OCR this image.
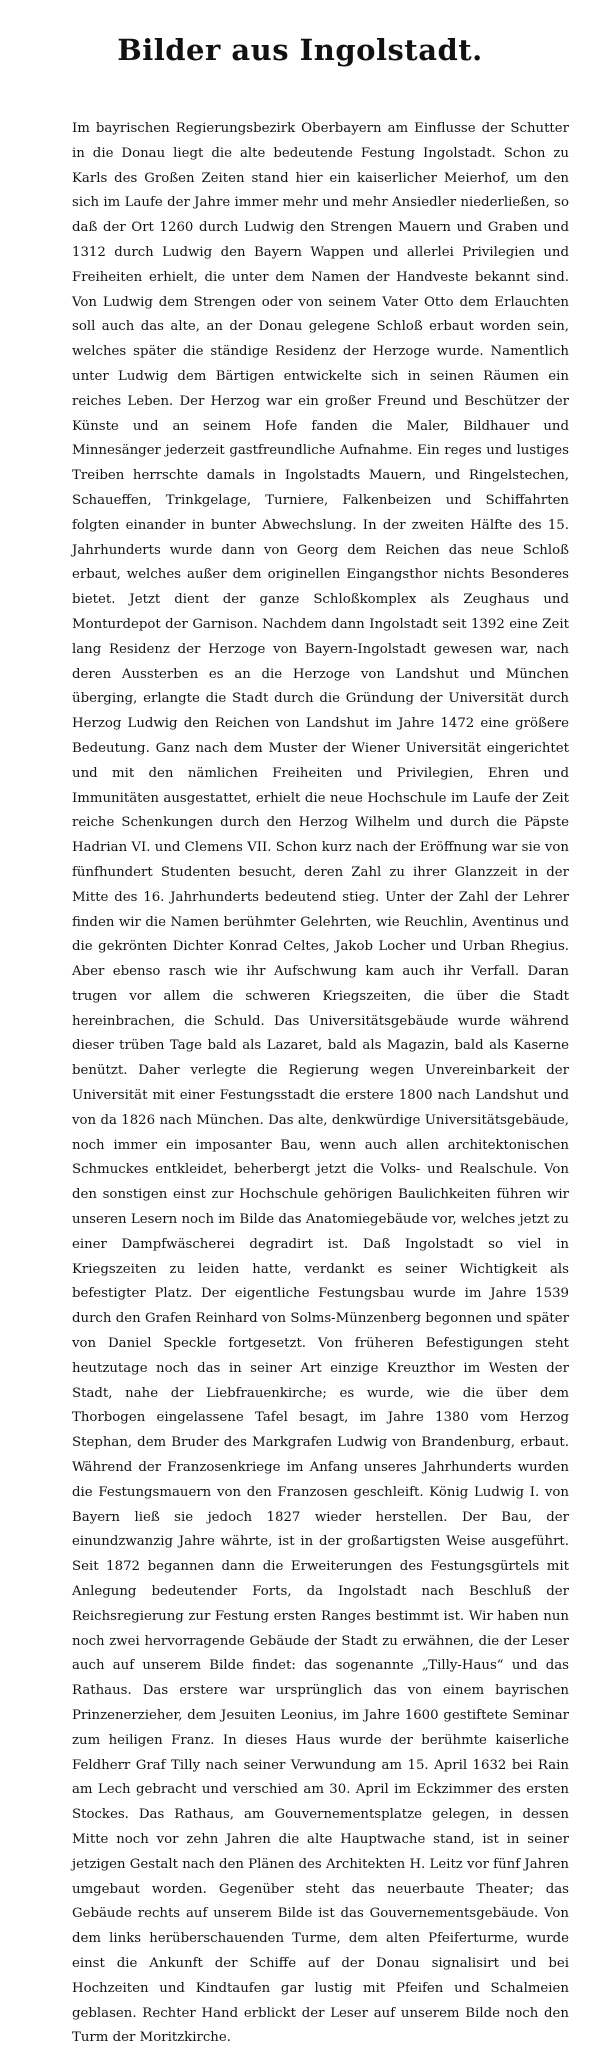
Bilder aus Ingolstadt.

Im bayrischen Regierungsbezirk Oberbayern am Einflusse der Schutter in die Donau liegt die alte bedeutende Festung Ingolstadt. Schon zu Karls des Großen Zeiten stand hier ein kaiserlicher Meierhof, um den sich im Laufe der Jahre immer mehr und mehr Ansiedler niederließen, so daß der Ort 1260 durch Ludwig den Strengen Mauern und Graben und 1312 durch Ludwig den Bayern Wappen und allerlei Privilegien und Freiheiten erhielt, die unter dem Namen der Handveste bekannt sind. Von Ludwig dem Strengen oder von seinem Vater Otto dem Erlauchten soll auch das alte, an der Donau gelegene Schloß erbaut worden sein, welches später die ständige Residenz der Herzoge wurde. Namentlich unter Ludwig dem Bärtigen entwickelte sich in seinen Räumen ein reiches Leben. Der Herzog war ein großer Freund und Beschützer der Künste und an seinem Hofe fanden die Maler, Bildhauer und Minnesänger jederzeit gastfreundliche Aufnahme. Ein reges und lustiges Treiben herrschte damals in Ingolstadts Mauern, und Ringelstechen, Schaueffen, Trinkgelage, Turniere, Falkenbeizen und Schiffahrten folgten einander in bunter Abwechslung. In der zweiten Hälfte des 15. Jahrhunderts wurde dann von Georg dem Reichen das neue Schloß erbaut, welches außer dem originellen Eingangsthor nichts Besonderes bietet. Jetzt dient der ganze Schloßkomplex als Zeughaus und Monturdepot der Garnison. Nachdem dann Ingolstadt seit 1392 eine Zeit lang Residenz der Herzoge von Bayern-Ingolstadt gewesen war, nach deren Aussterben es an die Herzoge von Landshut und München überging, erlangte die Stadt durch die Gründung der Universität durch Herzog Ludwig den Reichen von Landshut im Jahre 1472 eine größere Bedeutung. Ganz nach dem Muster der Wiener Universität eingerichtet und mit den nämlichen Freiheiten und Privilegien, Ehren und Immunitäten ausgestattet, erhielt die neue Hochschule im Laufe der Zeit reiche Schenkungen durch den Herzog Wilhelm und durch die Päpste Hadrian VI. und Clemens VII. Schon kurz nach der Eröffnung war sie von fünfhundert Studenten besucht, deren Zahl zu ihrer Glanzzeit in der Mitte des 16. Jahrhunderts bedeutend stieg. Unter der Zahl der Lehrer finden wir die Namen berühmter Gelehrten, wie Reuchlin, Aventinus und die gekrönten Dichter Konrad Celtes, Jakob Locher und Urban Rhegius. Aber ebenso rasch wie ihr Aufschwung kam auch ihr Verfall. Daran trugen vor allem die schweren Kriegszeiten, die über die Stadt hereinbrachen, die Schuld. Das Universitätsgebäude wurde während dieser trüben Tage bald als Lazaret, bald als Magazin, bald als Kaserne benützt. Daher verlegte die Regierung wegen Unvereinbarkeit der Universität mit einer Festungsstadt die erstere 1800 nach Landshut und von da 1826 nach München. Das alte, denkwürdige Universitätsgebäude, noch immer ein imposanter Bau, wenn auch allen architektonischen Schmuckes entkleidet, beherbergt jetzt die Volks- und Realschule. Von den sonstigen einst zur Hochschule gehörigen Baulichkeiten führen wir unseren Lesern noch im Bilde das Anatomiegebäude vor, welches jetzt zu einer Dampfwäscherei degradirt ist. Daß Ingolstadt so viel in Kriegszeiten zu leiden hatte, verdankt es seiner Wichtigkeit als befestigter Platz. Der eigentliche Festungsbau wurde im Jahre 1539 durch den Grafen Reinhard von Solms-Münzenberg begonnen und später von Daniel Speckle fortgesetzt. Von früheren Befestigungen steht heutzutage noch das in seiner Art einzige Kreuzthor im Westen der Stadt, nahe der Liebfrauenkirche; es wurde, wie die über dem Thorbogen eingelassene Tafel besagt, im Jahre 1380 vom Herzog Stephan, dem Bruder des Markgrafen Ludwig von Brandenburg, erbaut. Während der Franzosenkriege im Anfang unseres Jahrhunderts wurden die Festungsmauern von den Franzosen geschleift. König Ludwig I. von Bayern ließ sie jedoch 1827 wieder herstellen. Der Bau, der einundzwanzig Jahre währte, ist in der großartigsten Weise ausgeführt. Seit 1872 begannen dann die Erweiterungen des Festungsgürtels mit Anlegung bedeutender Forts, da Ingolstadt nach Beschluß der Reichsregierung zur Festung ersten Ranges bestimmt ist. Wir haben nun noch zwei hervorragende Gebäude der Stadt zu erwähnen, die der Leser auch auf unserem Bilde findet: das sogenannte „Tilly-Haus“ und das Rathaus. Das erstere war ursprünglich das von einem bayrischen Prinzenerzieher, dem Jesuiten Leonius, im Jahre 1600 gestiftete Seminar zum heiligen Franz. In dieses Haus wurde der berühmte kaiserliche Feldherr Graf Tilly nach seiner Verwundung am 15. April 1632 bei Rain am Lech gebracht und verschied am 30. April im Eckzimmer des ersten Stockes. Das Rathaus, am Gouvernementsplatze gelegen, in dessen Mitte noch vor zehn Jahren die alte Hauptwache stand, ist in seiner jetzigen Gestalt nach den Plänen des Architekten H. Leitz vor fünf Jahren umgebaut worden. Gegenüber steht das neuerbaute Theater; das Gebäude rechts auf unserem Bilde ist das Gouvernementsgebäude. Von dem links herüberschauenden Turme, dem alten Pfeiferturme, wurde einst die Ankunft der Schiffe auf der Donau signalisirt und bei Hochzeiten und Kindtaufen gar lustig mit Pfeifen und Schalmeien geblasen. Rechter Hand erblickt der Leser auf unserem Bilde noch den Turm der Moritzkirche.
